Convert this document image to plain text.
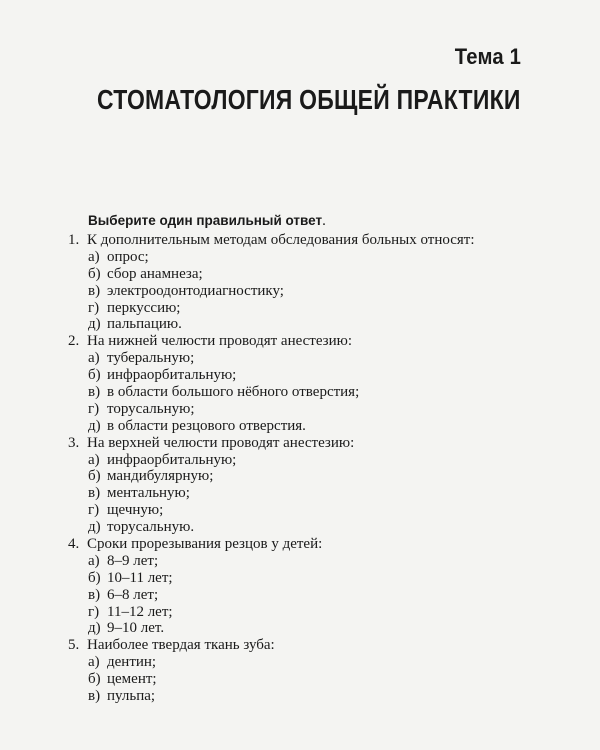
Тема 1
СТОМАТОЛОГИЯ ОБЩЕЙ ПРАКТИКИ
Выберите один правильный ответ.
1. К дополнительным методам обследования больных относят:
а) опрос;
б) сбор анамнеза;
в) электроодонтодиагностику;
г) перкуссию;
д) пальпацию.
2. На нижней челюсти проводят анестезию:
а) туберальную;
б) инфраорбитальную;
в) в области большого нёбного отверстия;
г) торусальную;
д) в области резцового отверстия.
3. На верхней челюсти проводят анестезию:
а) инфраорбитальную;
б) мандибулярную;
в) ментальную;
г) щечную;
д) торусальную.
4. Сроки прорезывания резцов у детей:
а) 8–9 лет;
б) 10–11 лет;
в) 6–8 лет;
г) 11–12 лет;
д) 9–10 лет.
5. Наиболее твердая ткань зуба:
а) дентин;
б) цемент;
в) пульпа;
